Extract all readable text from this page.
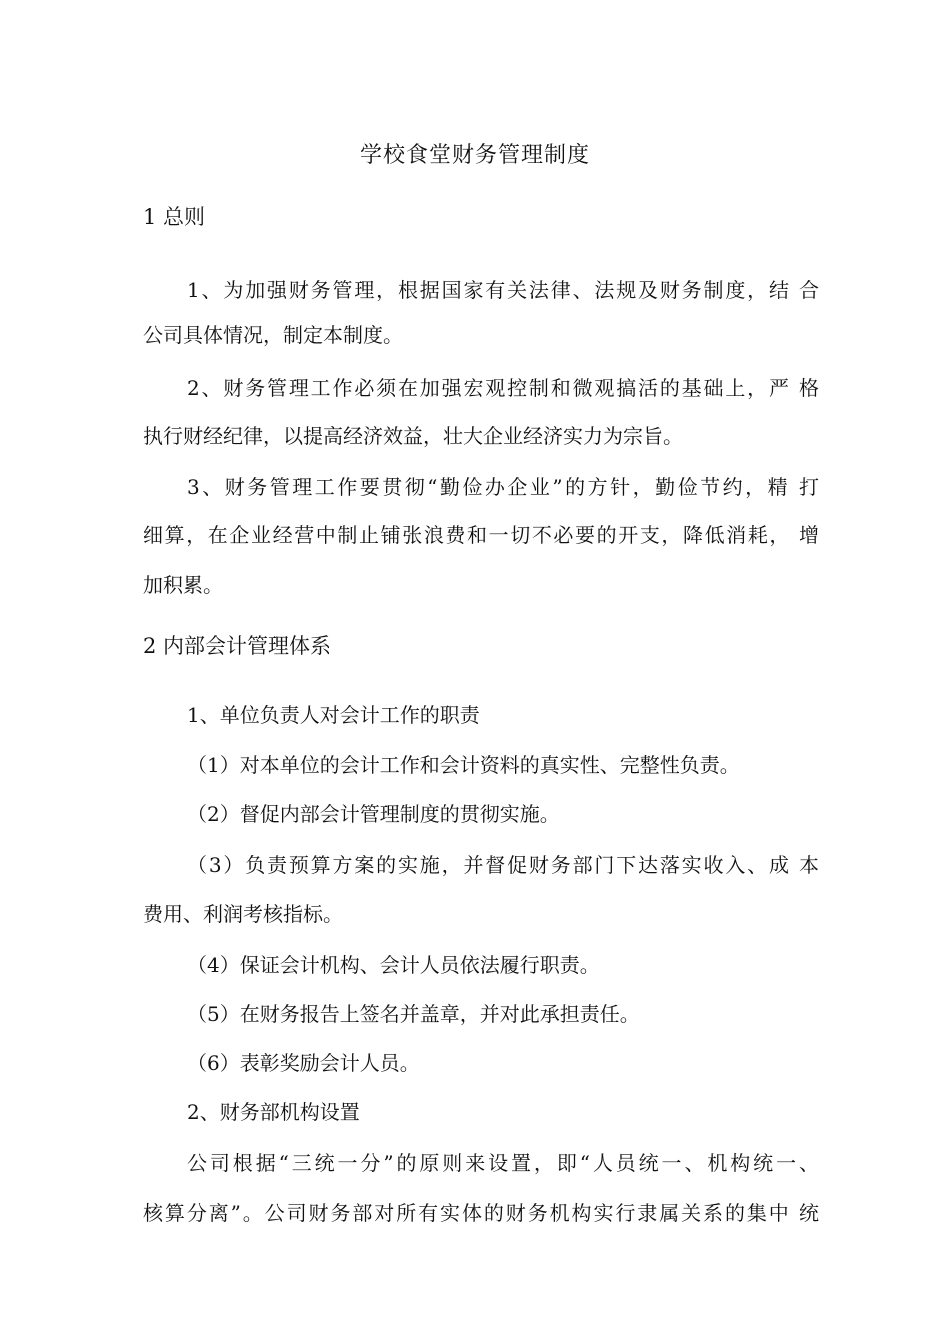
学校食堂财务管理制度
1 总则
1、为加强财务管理，根据国家有关法律、法规及财务制度，结 合
公司具体情况，制定本制度。
2、财务管理工作必须在加强宏观控制和微观搞活的基础上，严 格
执行财经纪律，以提高经济效益，壮大企业经济实力为宗旨。
3、财务管理工作要贯彻“勤俭办企业”的方针，勤俭节约，精 打
细算，在企业经营中制止铺张浪费和一切不必要的开支，降低消耗， 增
加积累。
2 内部会计管理体系
1、单位负责人对会计工作的职责
（1）对本单位的会计工作和会计资料的真实性、完整性负责。
（2）督促内部会计管理制度的贯彻实施。
（3）负责预算方案的实施，并督促财务部门下达落实收入、成 本
费用、利润考核指标。
（4）保证会计机构、会计人员依法履行职责。
（5）在财务报告上签名并盖章，并对此承担责任。
（6）表彰奖励会计人员。
2、财务部机构设置
公司根据“三统一分”的原则来设置，即“人员统一、机构统一、
核算分离”。公司财务部对所有实体的财务机构实行隶属关系的集中 统
